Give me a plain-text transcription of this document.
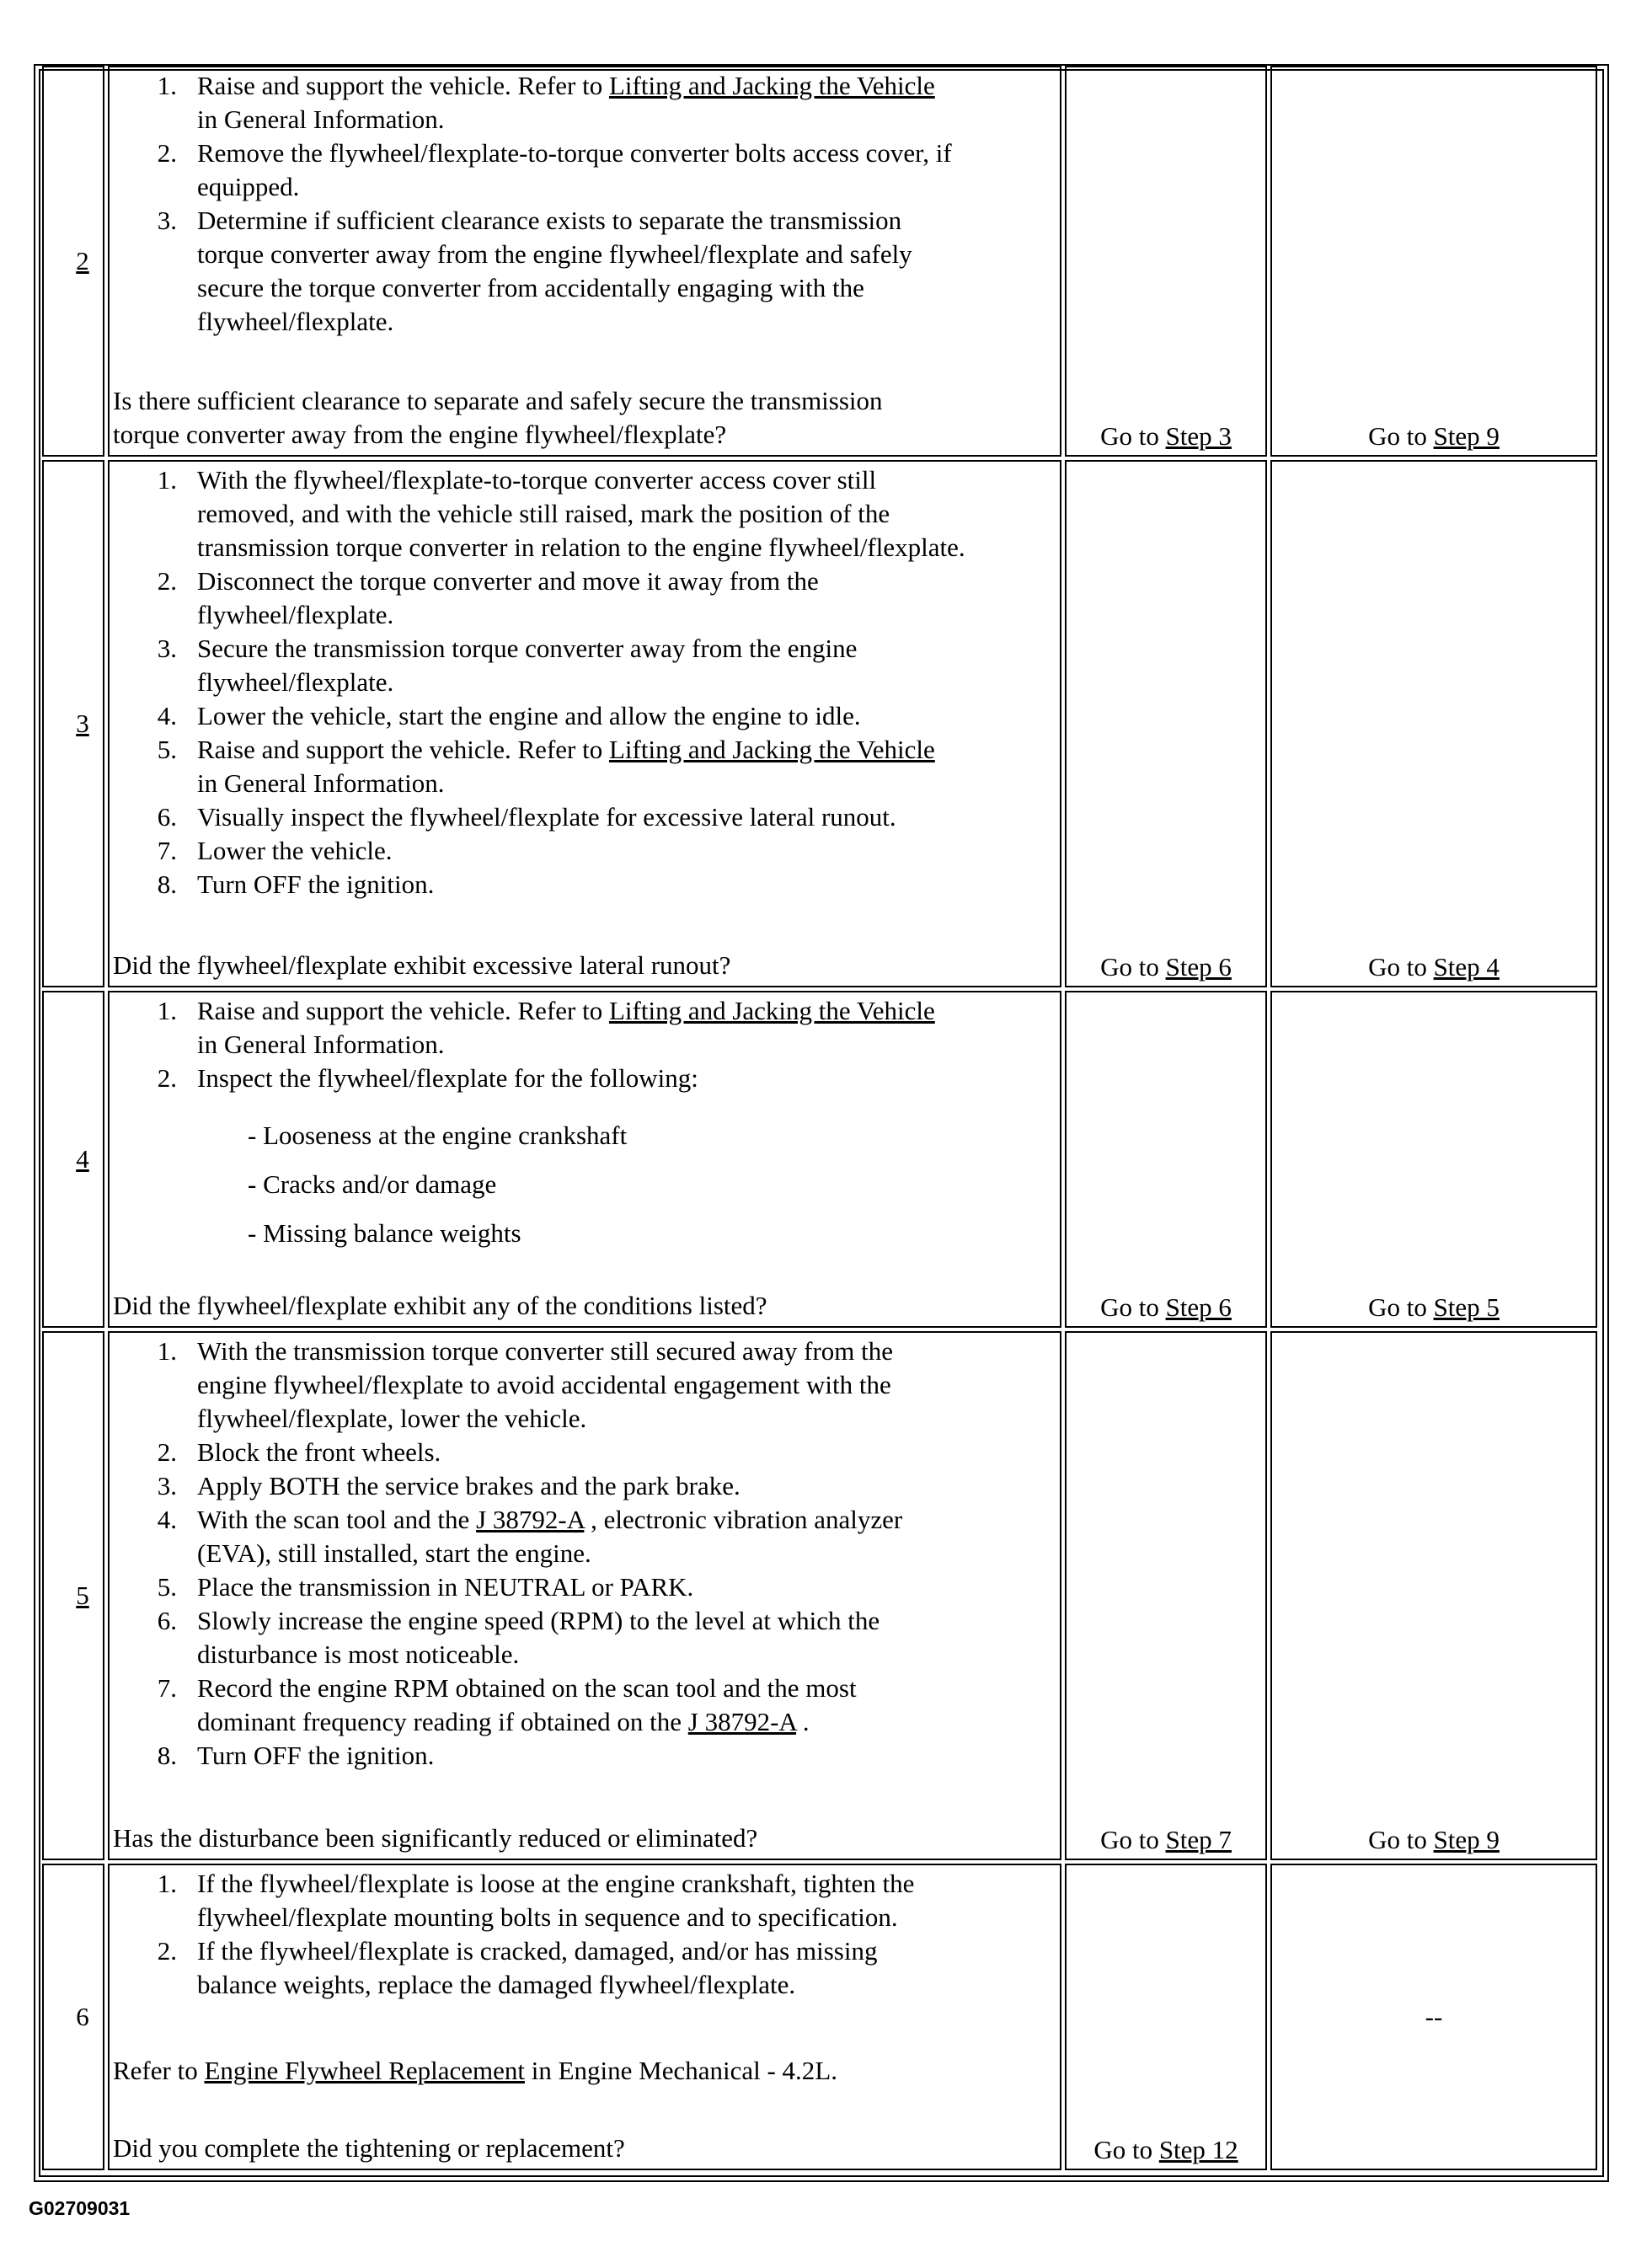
2
1. Raise and support the vehicle. Refer to Lifting and Jacking the Vehicle
in General Information.
2. Remove the flywheel/flexplate-to-torque converter bolts access cover, if
equipped.
3. Determine if sufficient clearance exists to separate the transmission
torque converter away from the engine flywheel/flexplate and safely
secure the torque converter from accidentally engaging with the
flywheel/flexplate.
Is there sufficient clearance to separate and safely secure the transmission
torque converter away from the engine flywheel/flexplate?	Go to Step 3	Go to Step 9
3
1. With the flywheel/flexplate-to-torque converter access cover still
removed, and with the vehicle still raised, mark the position of the
transmission torque converter in relation to the engine flywheel/flexplate.
2. Disconnect the torque converter and move it away from the
flywheel/flexplate.
3. Secure the transmission torque converter away from the engine
flywheel/flexplate.
4. Lower the vehicle, start the engine and allow the engine to idle.
5. Raise and support the vehicle. Refer to Lifting and Jacking the Vehicle
in General Information.
6. Visually inspect the flywheel/flexplate for excessive lateral runout.
7. Lower the vehicle.
8. Turn OFF the ignition.
Did the flywheel/flexplate exhibit excessive lateral runout?	Go to Step 6	Go to Step 4
4
1. Raise and support the vehicle. Refer to Lifting and Jacking the Vehicle
in General Information.
2. Inspect the flywheel/flexplate for the following:
- Looseness at the engine crankshaft
- Cracks and/or damage
- Missing balance weights
Did the flywheel/flexplate exhibit any of the conditions listed?	Go to Step 6	Go to Step 5
5
1. With the transmission torque converter still secured away from the
engine flywheel/flexplate to avoid accidental engagement with the
flywheel/flexplate, lower the vehicle.
2. Block the front wheels.
3. Apply BOTH the service brakes and the park brake.
4. With the scan tool and the J 38792-A , electronic vibration analyzer
(EVA), still installed, start the engine.
5. Place the transmission in NEUTRAL or PARK.
6. Slowly increase the engine speed (RPM) to the level at which the
disturbance is most noticeable.
7. Record the engine RPM obtained on the scan tool and the most
dominant frequency reading if obtained on the J 38792-A .
8. Turn OFF the ignition.
Has the disturbance been significantly reduced or eliminated?	Go to Step 7	Go to Step 9
6
1. If the flywheel/flexplate is loose at the engine crankshaft, tighten the
flywheel/flexplate mounting bolts in sequence and to specification.
2. If the flywheel/flexplate is cracked, damaged, and/or has missing
balance weights, replace the damaged flywheel/flexplate.
Refer to Engine Flywheel Replacement in Engine Mechanical - 4.2L.
Did you complete the tightening or replacement?	Go to Step 12
--
G02709031
